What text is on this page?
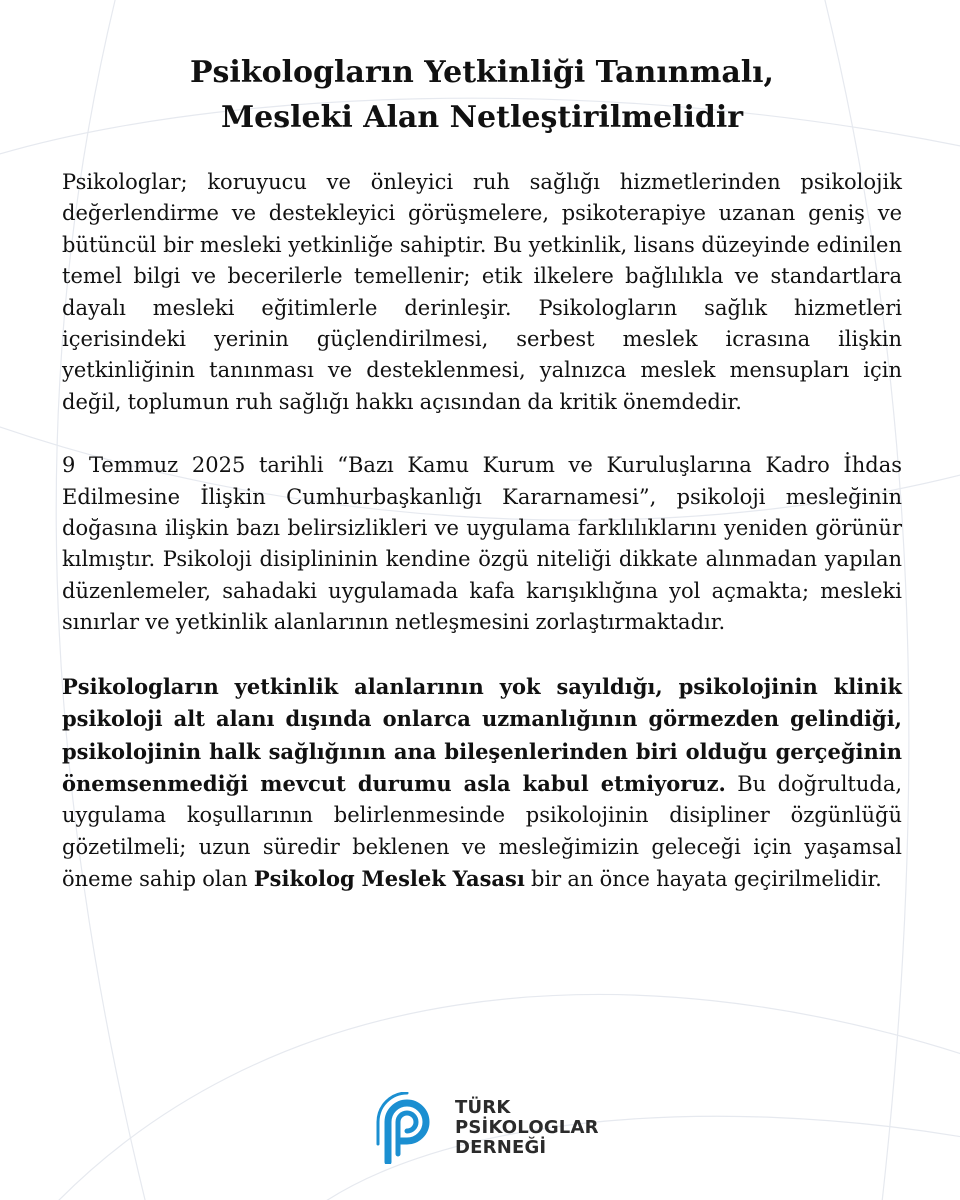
Psikologların Yetkinliği Tanınmalı,
Mesleki Alan Netleştirilmelidir

Psikologlar; koruyucu ve önleyici ruh sağlığı hizmetlerinden psikolojik değerlendirme ve destekleyici görüşmelere, psikoterapiye uzanan geniş ve bütüncül bir mesleki yetkinliğe sahiptir. Bu yetkinlik, lisans düzeyinde edinilen temel bilgi ve becerilerle temellenir; etik ilkelere bağlılıkla ve standartlara dayalı mesleki eğitimlerle derinleşir. Psikologların sağlık hizmetleri içerisindeki yerinin güçlendirilmesi, serbest meslek icrasına ilişkin yetkinliğinin tanınması ve desteklenmesi, yalnızca meslek mensupları için değil, toplumun ruh sağlığı hakkı açısından da kritik önemdedir.

9 Temmuz 2025 tarihli “Bazı Kamu Kurum ve Kuruluşlarına Kadro İhdas Edilmesine İlişkin Cumhurbaşkanlığı Kararnamesi”, psikoloji mesleğinin doğasına ilişkin bazı belirsizlikleri ve uygulama farklılıklarını yeniden görünür kılmıştır. Psikoloji disiplininin kendine özgü niteliği dikkate alınmadan yapılan düzenlemeler, sahadaki uygulamada kafa karışıklığına yol açmakta; mesleki sınırlar ve yetkinlik alanlarının netleşmesini zorlaştırmaktadır.

Psikologların yetkinlik alanlarının yok sayıldığı, psikolojinin klinik psikoloji alt alanı dışında onlarca uzmanlığının görmezden gelindiği, psikolojinin halk sağlığının ana bileşenlerinden biri olduğu gerçeğinin önemsenmediği mevcut durumu asla kabul etmiyoruz. Bu doğrultuda, uygulama koşullarının belirlenmesinde psikolojinin disipliner özgünlüğü gözetilmeli; uzun süredir beklenen ve mesleğimizin geleceği için yaşamsal öneme sahip olan Psikolog Meslek Yasası bir an önce hayata geçirilmelidir.

TÜRK
PSİKOLOGLAR
DERNEĞİ
